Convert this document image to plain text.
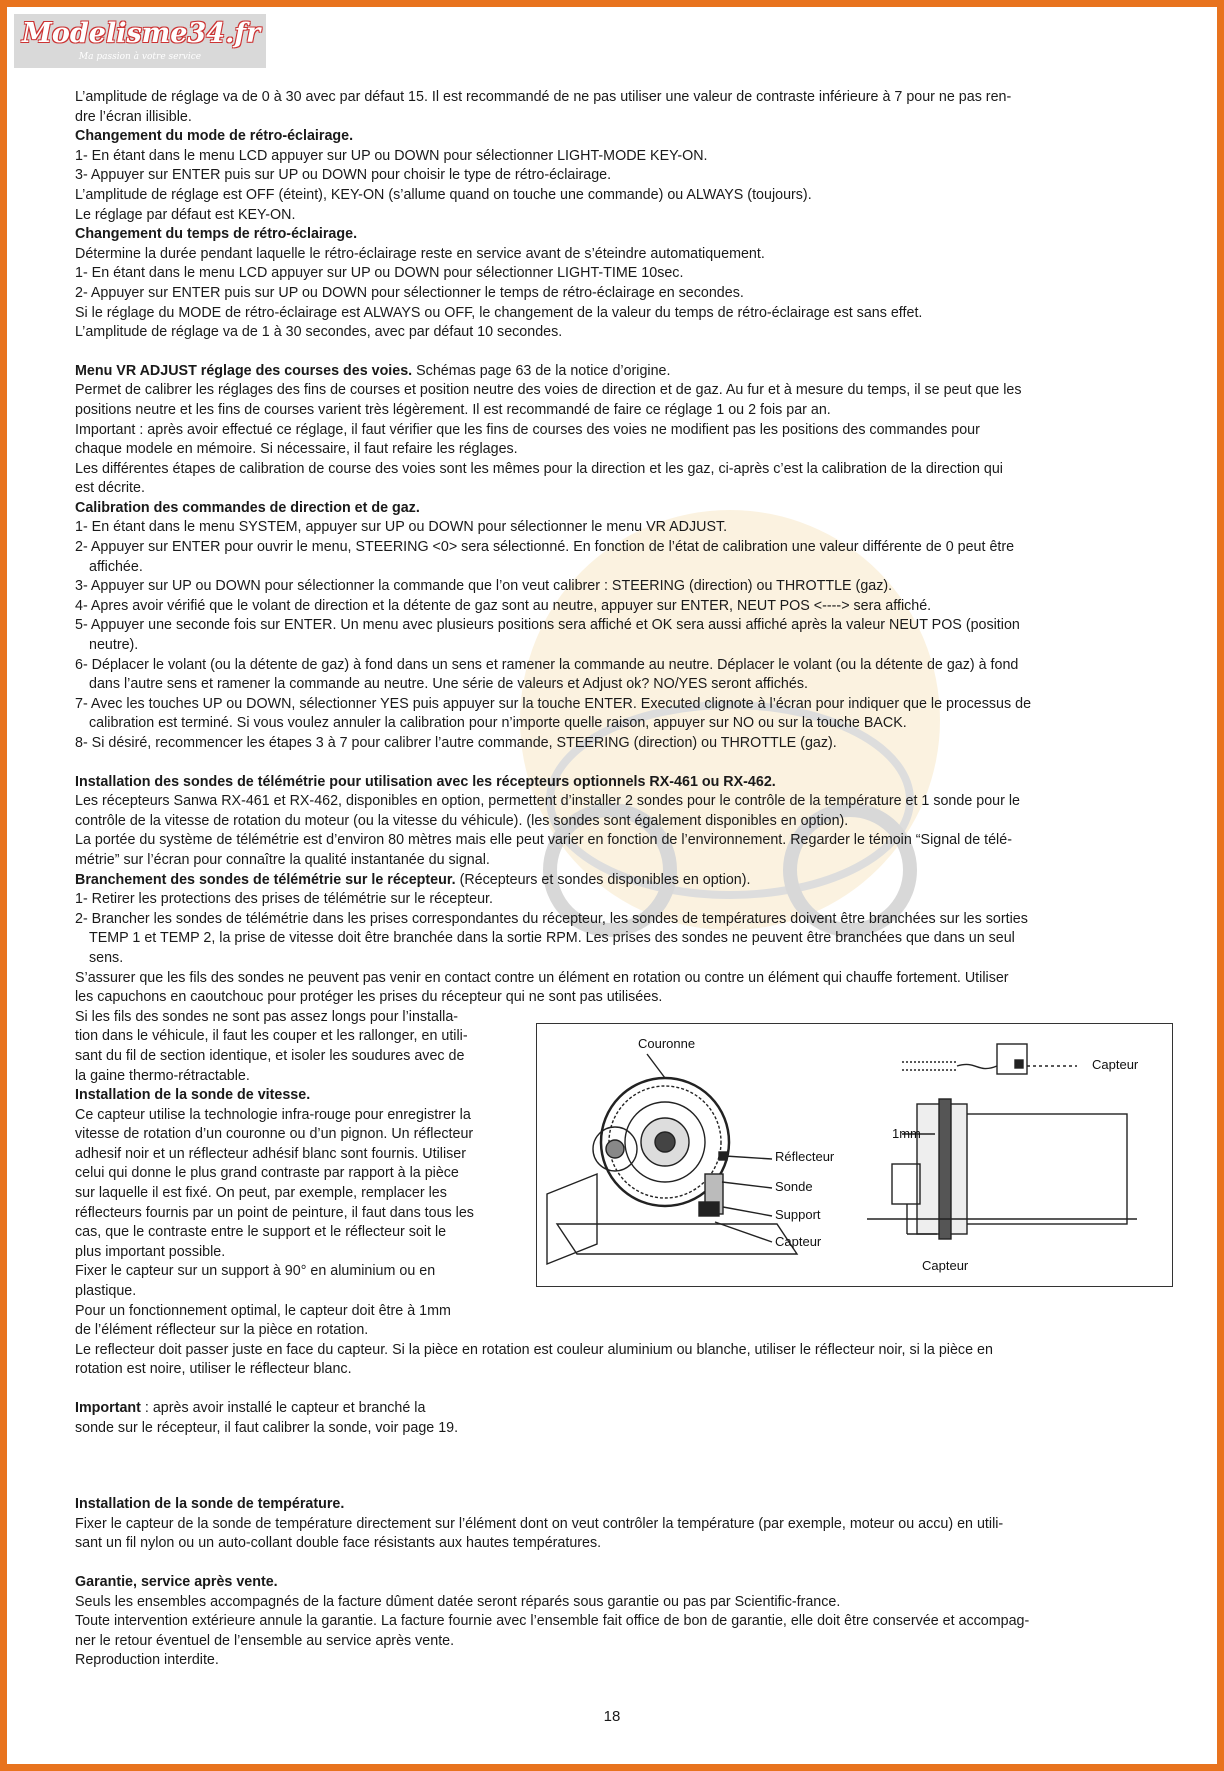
Modelisme34.fr
Ma passion à votre service

L’amplitude de réglage va de 0 à 30 avec par défaut 15. Il est recommandé de ne pas utiliser une valeur de contraste inférieure à 7 pour ne pas ren-

dre l’écran illisible.

Changement du mode de rétro-éclairage.

1- En étant dans le menu LCD appuyer sur UP ou DOWN pour sélectionner LIGHT-MODE KEY-ON.

3- Appuyer sur ENTER puis sur UP ou DOWN pour choisir le type de rétro-éclairage.

L’amplitude de réglage est OFF (éteint), KEY-ON (s’allume quand on touche une commande) ou ALWAYS (toujours).

Le réglage par défaut est KEY-ON.

Changement du temps de rétro-éclairage.

Détermine la durée pendant laquelle le rétro-éclairage reste en service avant de s’éteindre automatiquement.

1- En étant dans le menu LCD appuyer sur UP ou DOWN pour sélectionner LIGHT-TIME 10sec.

2- Appuyer sur ENTER puis sur UP ou DOWN pour sélectionner le temps de rétro-éclairage en secondes.

Si le réglage du MODE de rétro-éclairage est ALWAYS ou OFF, le changement de la valeur du temps de rétro-éclairage est sans effet.

L’amplitude de réglage va de 1 à 30 secondes, avec par défaut 10 secondes.

Menu VR ADJUST réglage des courses des voies. Schémas page 63 de la notice d’origine.

Permet de calibrer les réglages des fins de courses et position neutre des voies de direction et de gaz. Au fur et à mesure du temps, il se peut que les

positions neutre et les fins de courses varient très légèrement. Il est recommandé de faire ce réglage 1 ou 2 fois par an.

Important : après avoir effectué ce réglage, il faut vérifier que les fins de courses des voies ne modifient pas les positions des commandes pour

chaque modele en mémoire. Si nécessaire, il faut refaire les réglages.

Les différentes étapes de calibration de course des voies sont les mêmes pour la direction et les gaz, ci-après c’est la calibration de la direction qui

est décrite.

Calibration des commandes de direction et de gaz.

1- En étant dans le menu SYSTEM, appuyer sur UP ou DOWN pour sélectionner le menu VR ADJUST.

2- Appuyer sur ENTER pour ouvrir le menu, STEERING <0> sera sélectionné. En fonction de l’état de calibration une valeur différente de 0 peut être

affichée.

3- Appuyer sur UP ou DOWN pour sélectionner la commande que l’on veut calibrer : STEERING (direction) ou THROTTLE (gaz).

4- Apres avoir vérifié que le volant de direction et la détente de gaz sont au neutre, appuyer sur ENTER, NEUT POS <----> sera affiché.

5- Appuyer une seconde fois sur ENTER. Un menu avec plusieurs positions sera affiché et OK sera aussi affiché après la valeur NEUT POS (position

neutre).

6- Déplacer le volant (ou la détente de gaz) à fond dans un sens et ramener la commande au neutre. Déplacer le volant (ou la détente de gaz) à fond

dans l’autre sens et ramener la commande au neutre. Une série de valeurs et Adjust ok? NO/YES seront affichés.

7- Avec les touches UP ou DOWN, sélectionner YES puis appuyer sur la touche ENTER. Executed clignote à l’écran pour indiquer que le processus de

calibration est terminé. Si vous voulez annuler la calibration pour n’importe quelle raison, appuyer sur NO ou sur la touche BACK.

8- Si désiré, recommencer les étapes 3 à 7 pour calibrer l’autre commande, STEERING (direction) ou THROTTLE (gaz).

Installation des sondes de télémétrie pour utilisation avec les récepteurs optionnels RX-461 ou RX-462.

Les récepteurs Sanwa RX-461 et RX-462, disponibles en option, permettent d’installer 2 sondes pour le contrôle de la température et 1 sonde pour le

contrôle de la vitesse de rotation du moteur (ou la vitesse du véhicule). (les sondes sont également disponibles en option).

La portée du système de télémétrie est d’environ 80 mètres mais elle peut varier en fonction de l’environnement. Regarder le témoin “Signal de télé-

métrie” sur l’écran pour connaître la qualité instantanée du signal.

Branchement des sondes de télémétrie sur le récepteur. (Récepteurs et sondes disponibles en option).

1- Retirer les protections des prises de télémétrie sur le récepteur.

2- Brancher les sondes de télémétrie dans les prises correspondantes du récepteur, les sondes de températures doivent être branchées sur les sorties

TEMP 1 et TEMP 2, la prise de vitesse doit être branchée dans la sortie RPM. Les prises des sondes ne peuvent être branchées que dans un seul

sens.

S’assurer que les fils des sondes ne peuvent pas venir en contact contre un élément en rotation ou contre un élément qui chauffe fortement. Utiliser

les capuchons en caoutchouc pour protéger les prises du récepteur qui ne sont pas utilisées.

Si les fils des sondes ne sont pas assez longs pour l’installa-

tion dans le véhicule, il faut les couper et les rallonger, en utili-

sant du fil de section identique, et isoler les soudures avec de

la gaine thermo-rétractable.

Installation de la sonde de vitesse.

Ce capteur utilise la technologie infra-rouge pour enregistrer la

vitesse de rotation d’un couronne ou d’un pignon. Un réflecteur

adhesif noir et un réflecteur adhésif blanc sont fournis. Utiliser

celui qui donne le plus grand contraste par rapport à la pièce

sur laquelle il est fixé. On peut, par exemple, remplacer les

réflecteurs fournis par un point de peinture, il faut dans tous les

cas, que le contraste entre le support et le réflecteur soit le

plus important possible.

Fixer le capteur sur un support à 90° en aluminium ou en

plastique.

Pour un fonctionnement optimal, le capteur doit être à 1mm

de l’élément réflecteur sur la pièce en rotation.

Le reflecteur doit passer juste en face du capteur. Si la pièce en rotation est couleur aluminium ou blanche, utiliser le réflecteur noir, si la pièce en

rotation est noire, utiliser le réflecteur blanc.

Important : après avoir installé le capteur et branché la

sonde sur le récepteur, il faut calibrer la sonde, voir page 19.

Installation de la sonde de température.

Fixer le capteur de la sonde de température directement sur l’élément dont on veut contrôler la température (par exemple, moteur ou accu) en utili-

sant un fil nylon ou un auto-collant double face résistants aux hautes températures.

Garantie, service après vente.

Seuls les ensembles accompagnés de la facture dûment datée seront réparés sous garantie ou pas par Scientific-france.

Toute intervention extérieure annule la garantie. La facture fournie avec l’ensemble fait office de bon de garantie, elle doit être conservée et accompag-

ner le retour éventuel de l’ensemble au service après vente.

Reproduction interdite.

Couronne
Réflecteur
Sonde
Support
Capteur
Capteur
1mm
Capteur
18
